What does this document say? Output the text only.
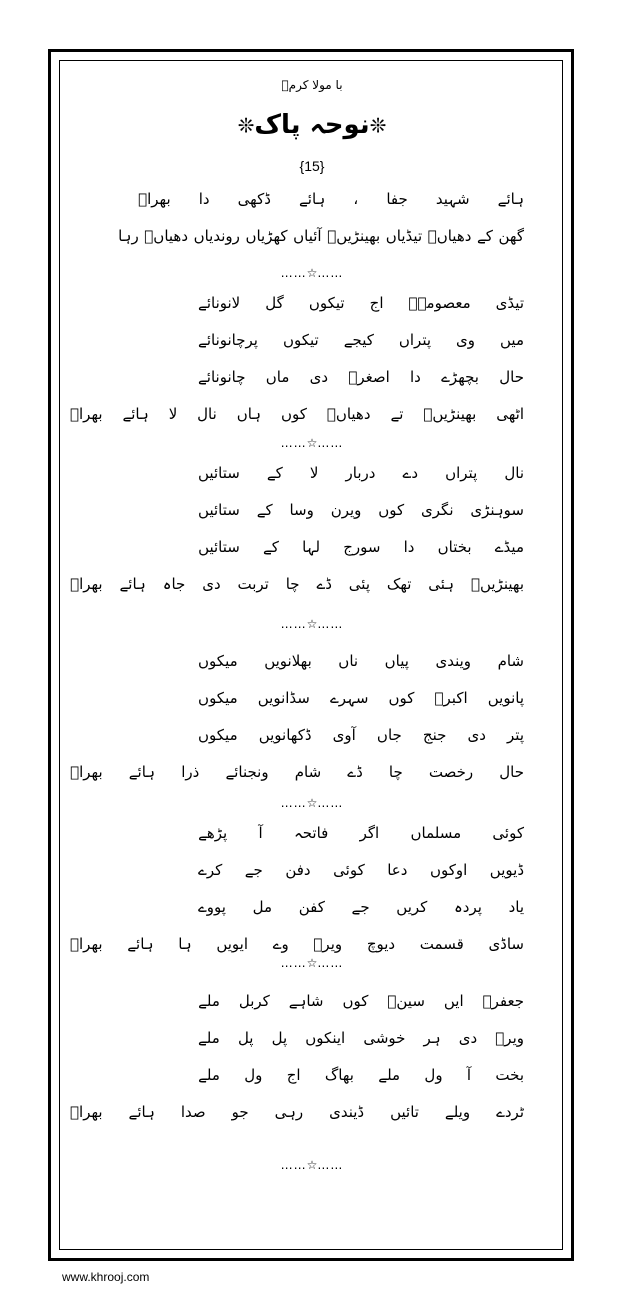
با مولا کرمؑ
❊نوحہ پاک❊
{15}
ہائے
شہید
جفا
،
ہائے
ڈکھی
دا
بھراؑ
گھن
کے
دھیاںؑ
تیڈیاں
بھینڑیںؑ
آئیاں
کھڑیاں
روندیاں
دھیاںؑ
رہا
……☆……
تیڈی
معصومہؑ
اج
تیکوں
گل
لانونائے
میں
وی
پتراں
کیجے
تیکوں
پرچانونائے
حال
بچھڑے
دا
اصغرؑ
دی
ماں
چانونائے
اٹھی
بھینڑیںؑ
تے
دھیاںؑ
کوں
ہاں
نال
لا
ہائے
بھراؑ
……☆……
نال
پتراں
دے
دربار
لا
کے
ستائیں
سوہنڑی
نگری
کوں
ویرن
وسا
کے
ستائیں
میڈے
بختاں
دا
سورج
لہا
کے
ستائیں
بھینڑیںؑ
ہئی
تھک
پئی
ڈے
چا
تربت
دی
جاہ
ہائے
بھراؑ
……☆……
شام
ویندی
پیاں
ناں
بھلانویں
میکوں
پانویں
اکبرؑ
کوں
سہرے
سڈانویں
میکوں
پتر
دی
جنج
جاں
آوی
ڈکھانویں
میکوں
حال
رخصت
چا
ڈے
شام
ونجنائے
ذرا
ہائے
بھراؑ
……☆……
کوئی
مسلماں
اگر
فاتحہ
آ
پڑھے
ڈیویں
اوکوں
دعا
کوئی
دفن
جے
کرے
یاد
پردہ
کریں
جے
کفن
مل
پووے
ساڈی
قسمت
دیوچ
ویرؑ
وے
ایویں
ہا
ہائے
بھراؑ
……☆……
جعفرؑ
ایں
سینؑ
کوں
شاہے
کربل
ملے
ویرؑ
دی
ہر
خوشی
اینکوں
پل
پل
ملے
بخت
آ
ول
ملے
بھاگ
اج
ول
ملے
ٹردے
ویلے
تائیں
ڈیندی
رہی
جو
صدا
ہائے
بھراؑ
……☆……
www.khrooj.com
